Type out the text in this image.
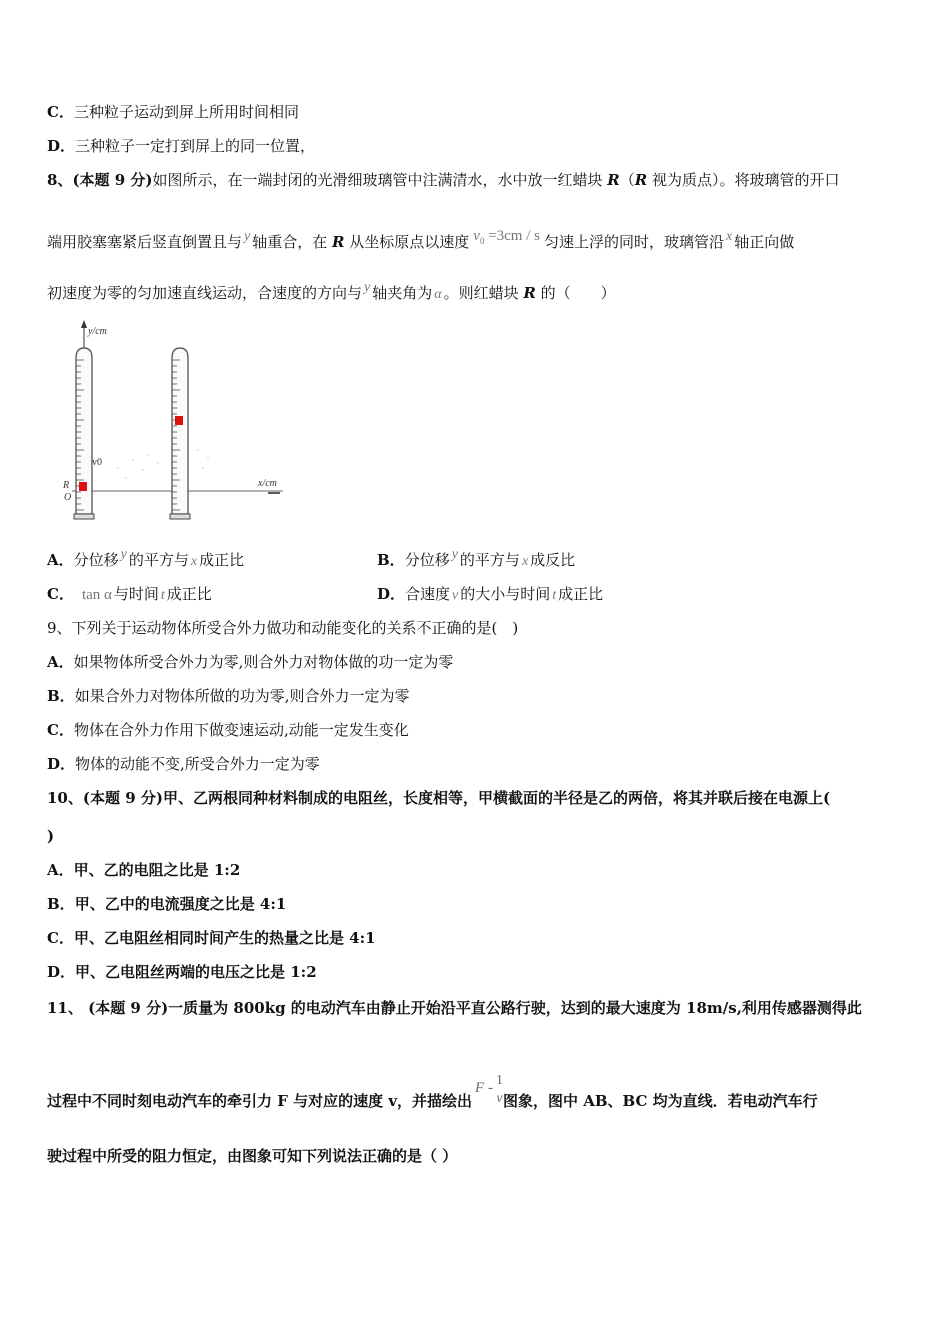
C．三种粒子运动到屏上所用时间相同
D．三种粒子一定打到屏上的同一位置，
8、(本题 9 分)如图所示，在一端封闭的光滑细玻璃管中注满清水，水中放一红蜡块 R（R 视为质点）。将玻璃管的开口
端用胶塞塞紧后竖直倒置且与 y 轴重合，在 R 从坐标原点以速度 $v_0 =3cm / s$ 匀速上浮的同时，玻璃管沿 x 轴正向做
初速度为零的匀加速直线运动，合速度的方向与 y 轴夹角为 α 。则红蜡块 R 的（　　）
y/cm
x/cm
v0
R
O
A．分位移 y 的平方与 x 成正比	B．分位移 y 的平方与 x 成反比
C． tan α 与时间 t 成正比	D．合速度 v 的大小与时间 t 成正比
9、下列关于运动物体所受合外力做功和动能变化的关系不正确的是(　)
A．如果物体所受合外力为零,则合外力对物体做的功一定为零
B．如果合外力对物体所做的功为零,则合外力一定为零
C．物体在合外力作用下做变速运动,动能一定发生变化
D．物体的动能不变,所受合外力一定为零
10、(本题 9 分)甲、乙两根同种材料制成的电阻丝，长度相等，甲横截面的半径是乙的两倍，将其并联后接在电源上(
)
A．甲、乙的电阻之比是 1:2
B．甲、乙中的电流强度之比是 4:1
C．甲、乙电阻丝相同时间产生的热量之比是 4:1
D．甲、乙电阻丝两端的电压之比是 1:2
11、 (本题 9 分)一质量为 800kg 的电动汽车由静止开始沿平直公路行驶，达到的最大速度为 18m/s,利用传感器测得此
过程中不同时刻电动汽车的牵引力 F 与对应的速度 v，并描绘出F - 1
v 图象，图中 AB、BC 均为直线．若电动汽车行
驶过程中所受的阻力恒定，由图象可知下列说法正确的是（ ）
